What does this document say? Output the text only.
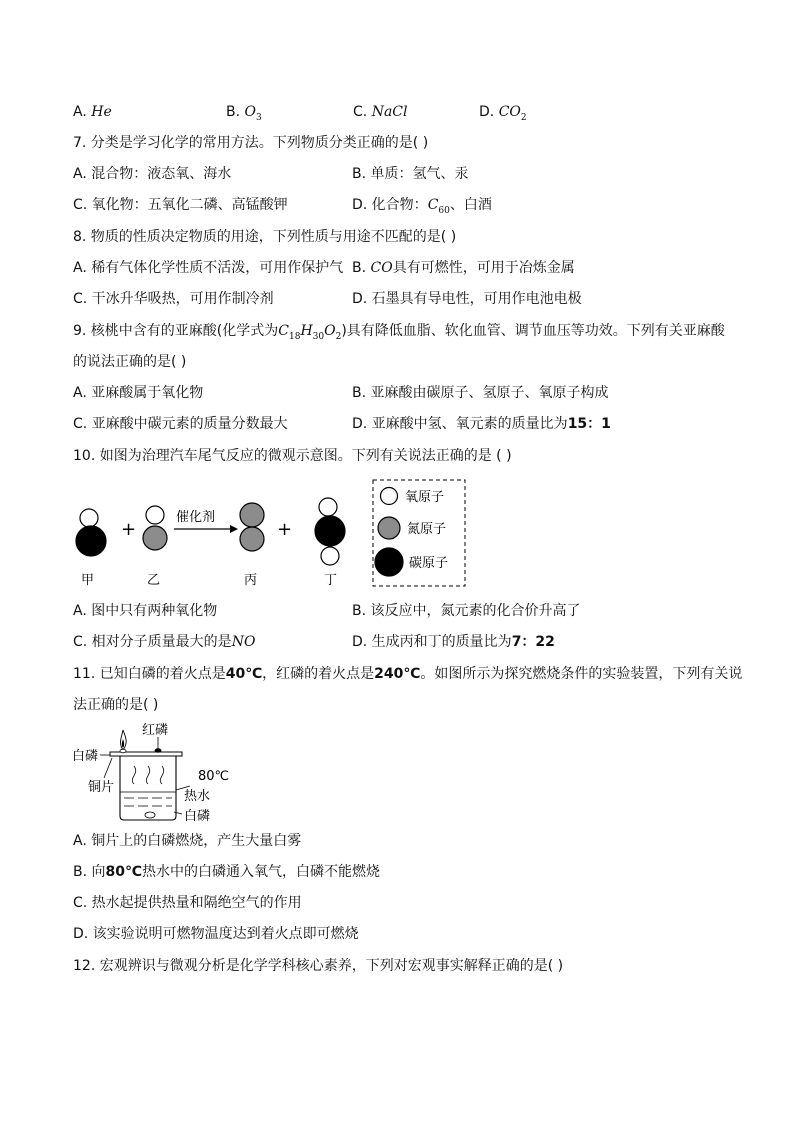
A. He	B. $O_3$	C. NaCl	D. $CO_2$
7. 分类是学习化学的常用方法。下列物质分类正确的是( )
A. 混合物：液态氧、海水	B. 单质：氢气、汞
C. 氧化物：五氧化二磷、高锰酸钾	D. 化合物：$C_{60}$、白酒
8. 物质的性质决定物质的用途，下列性质与用途不匹配的是( )
A. 稀有气体化学性质不活泼，可用作保护气 B. CO具有可燃性，可用于冶炼金属
C. 干冰升华吸热，可用作制冷剂	D. 石墨具有导电性，可用作电池电极
9. 核桃中含有的亚麻酸(化学式为$C_{18}H_{30}O_2$)具有降低血脂、软化血管、调节血压等功效。下列有关亚麻酸
的说法正确的是( )
A. 亚麻酸属于氧化物	B. 亚麻酸由碳原子、氢原子、氧原子构成
C. 亚麻酸中碳元素的质量分数最大	D. 亚麻酸中氢、氧元素的质量比为15：1
10. 如图为治理汽车尾气反应的微观示意图。下列有关说法正确的是 ( )
+
催化剂
+
甲	乙	丙	丁
氧原子
氮原子
碳原子
A. 图中只有两种氧化物	B. 该反应中，氮元素的化合价升高了
C. 相对分子质量最大的是NO	D. 生成丙和丁的质量比为7：22
11. 已知白磷的着火点是40℃，红磷的着火点是240℃。如图所示为探究燃烧条件的实验装置，下列有关说
法正确的是( )
红磷
白磷
80℃
热水
白磷
铜片
A. 铜片上的白磷燃烧，产生大量白雾
B. 向80℃热水中的白磷通入氧气，白磷不能燃烧
C. 热水起提供热量和隔绝空气的作用
D. 该实验说明可燃物温度达到着火点即可燃烧
12. 宏观辨识与微观分析是化学学科核心素养，下列对宏观事实解释正确的是( )
